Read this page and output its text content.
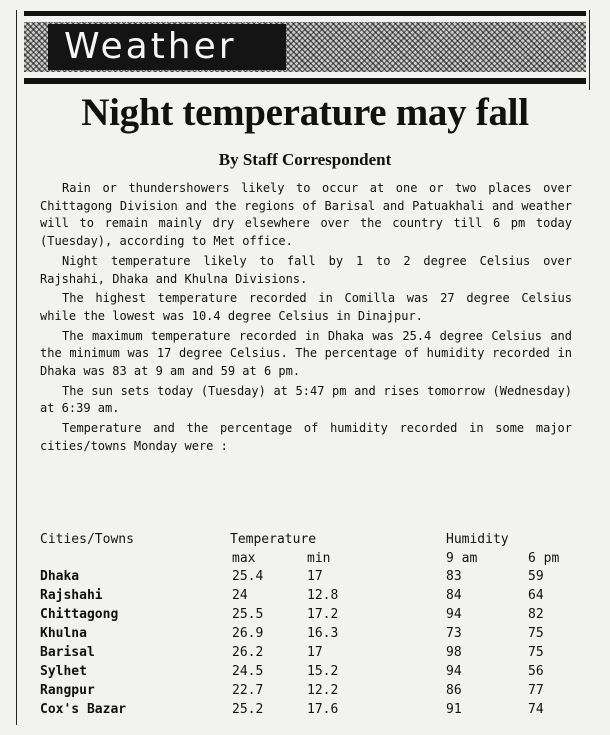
Weather
Night temperature may fall
By Staff Correspondent

Rain or thundershowers likely to occur at one or two places over Chittagong Division and the regions of Barisal and Patuakhali and weather will to remain mainly dry elsewhere over the country till 6 pm today (Tuesday), according to Met office.

Night temperature likely to fall by 1 to 2 degree Celsius over Rajshahi, Dhaka and Khulna Divisions.

The highest temperature recorded in Comilla was 27 degree Celsius while the lowest was 10.4 degree Celsius in Dinajpur.

The maximum temperature recorded in Dhaka was 25.4 degree Celsius and the minimum was 17 degree Celsius. The percentage of humidity recorded in Dhaka was 83 at 9 am and 59 at 6 pm.

The sun sets today (Tuesday) at 5:47 pm and rises tomorrow (Wednesday) at 6:39 am.

Temperature and the percentage of humidity recorded in some major cities/towns Monday were :

Cities/Towns	Temperature	Humidity
max	min	9 am	6 pm
Dhaka	25.4	17	83	59
Rajshahi	24	12.8	84	64
Chittagong	25.5	17.2	94	82
Khulna	26.9	16.3	73	75
Barisal	26.2	17	98	75
Sylhet	24.5	15.2	94	56
Rangpur	22.7	12.2	86	77
Cox's Bazar	25.2	17.6	91	74
